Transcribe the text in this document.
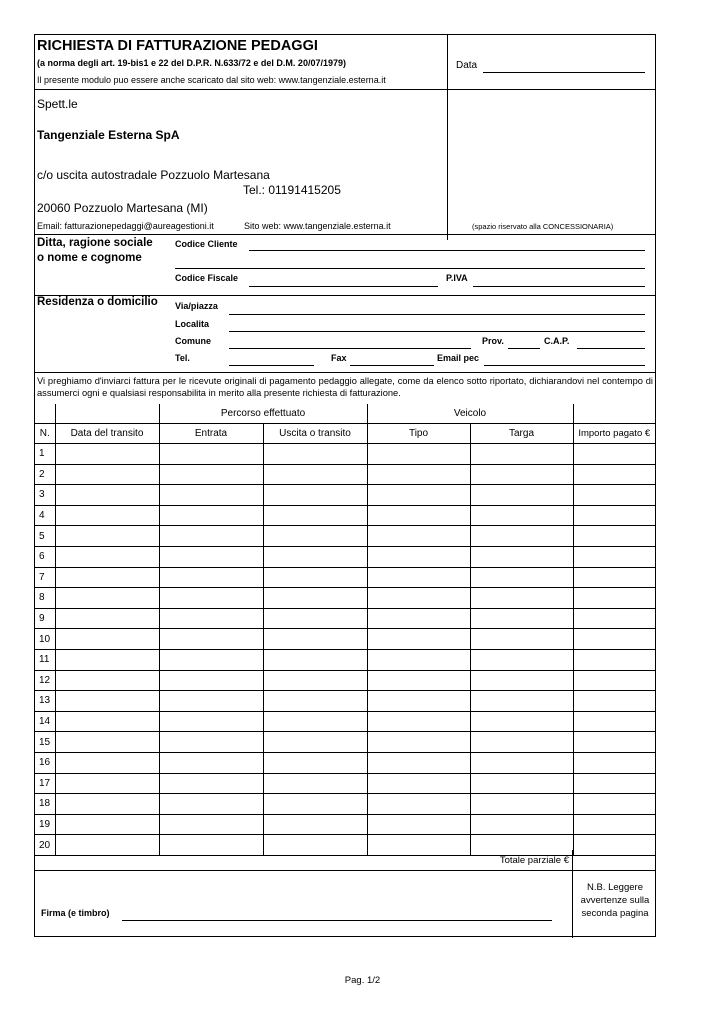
RICHIESTA DI FATTURAZIONE PEDAGGI
(a norma degli art. 19-bis1 e 22 del D.P.R. N.633/72 e del D.M. 20/07/1979)
Il presente modulo puo essere anche scaricato dal sito web: www.tangenziale.esterna.it
Data
Spett.le
Tangenziale Esterna SpA
c/o uscita autostradale Pozzuolo Martesana
Tel.: 01191415205
20060 Pozzuolo Martesana (MI)
Email: fatturazionepedaggi@aureagestioni.it	Sito web: www.tangenziale.esterna.it	(spazio riservato alla CONCESSIONARIA)
Ditta, ragione sociale
o nome e cognome
Codice Cliente
Codice Fiscale	P.IVA
Residenza o domicilio Via/piazza
Localita
Comune	Prov.	C.A.P.
Tel.	Fax	Email pec
Vi preghiamo d'inviarci fattura per le ricevute originali di pagamento pedaggio allegate, come da elenco sotto riportato, dichiarandovi nel contempo di assumerci ogni e qualsiasi responsabilita in merito alla presente richiesta di fatturazione.
		Percorso effettuato		Veicolo		
N.	Data del transito	Entrata	Uscita o transito	Tipo	Targa	Importo pagato €
1						
2						
3						
4						
5						
6						
7						
8						
9						
10						
11						
12						
13						
14						
15						
16						
17						
18						
19						
20						
Totale parziale €
Firma (e timbro)
N.B. Leggere avvertenze sulla seconda pagina
Pag. 1/2
